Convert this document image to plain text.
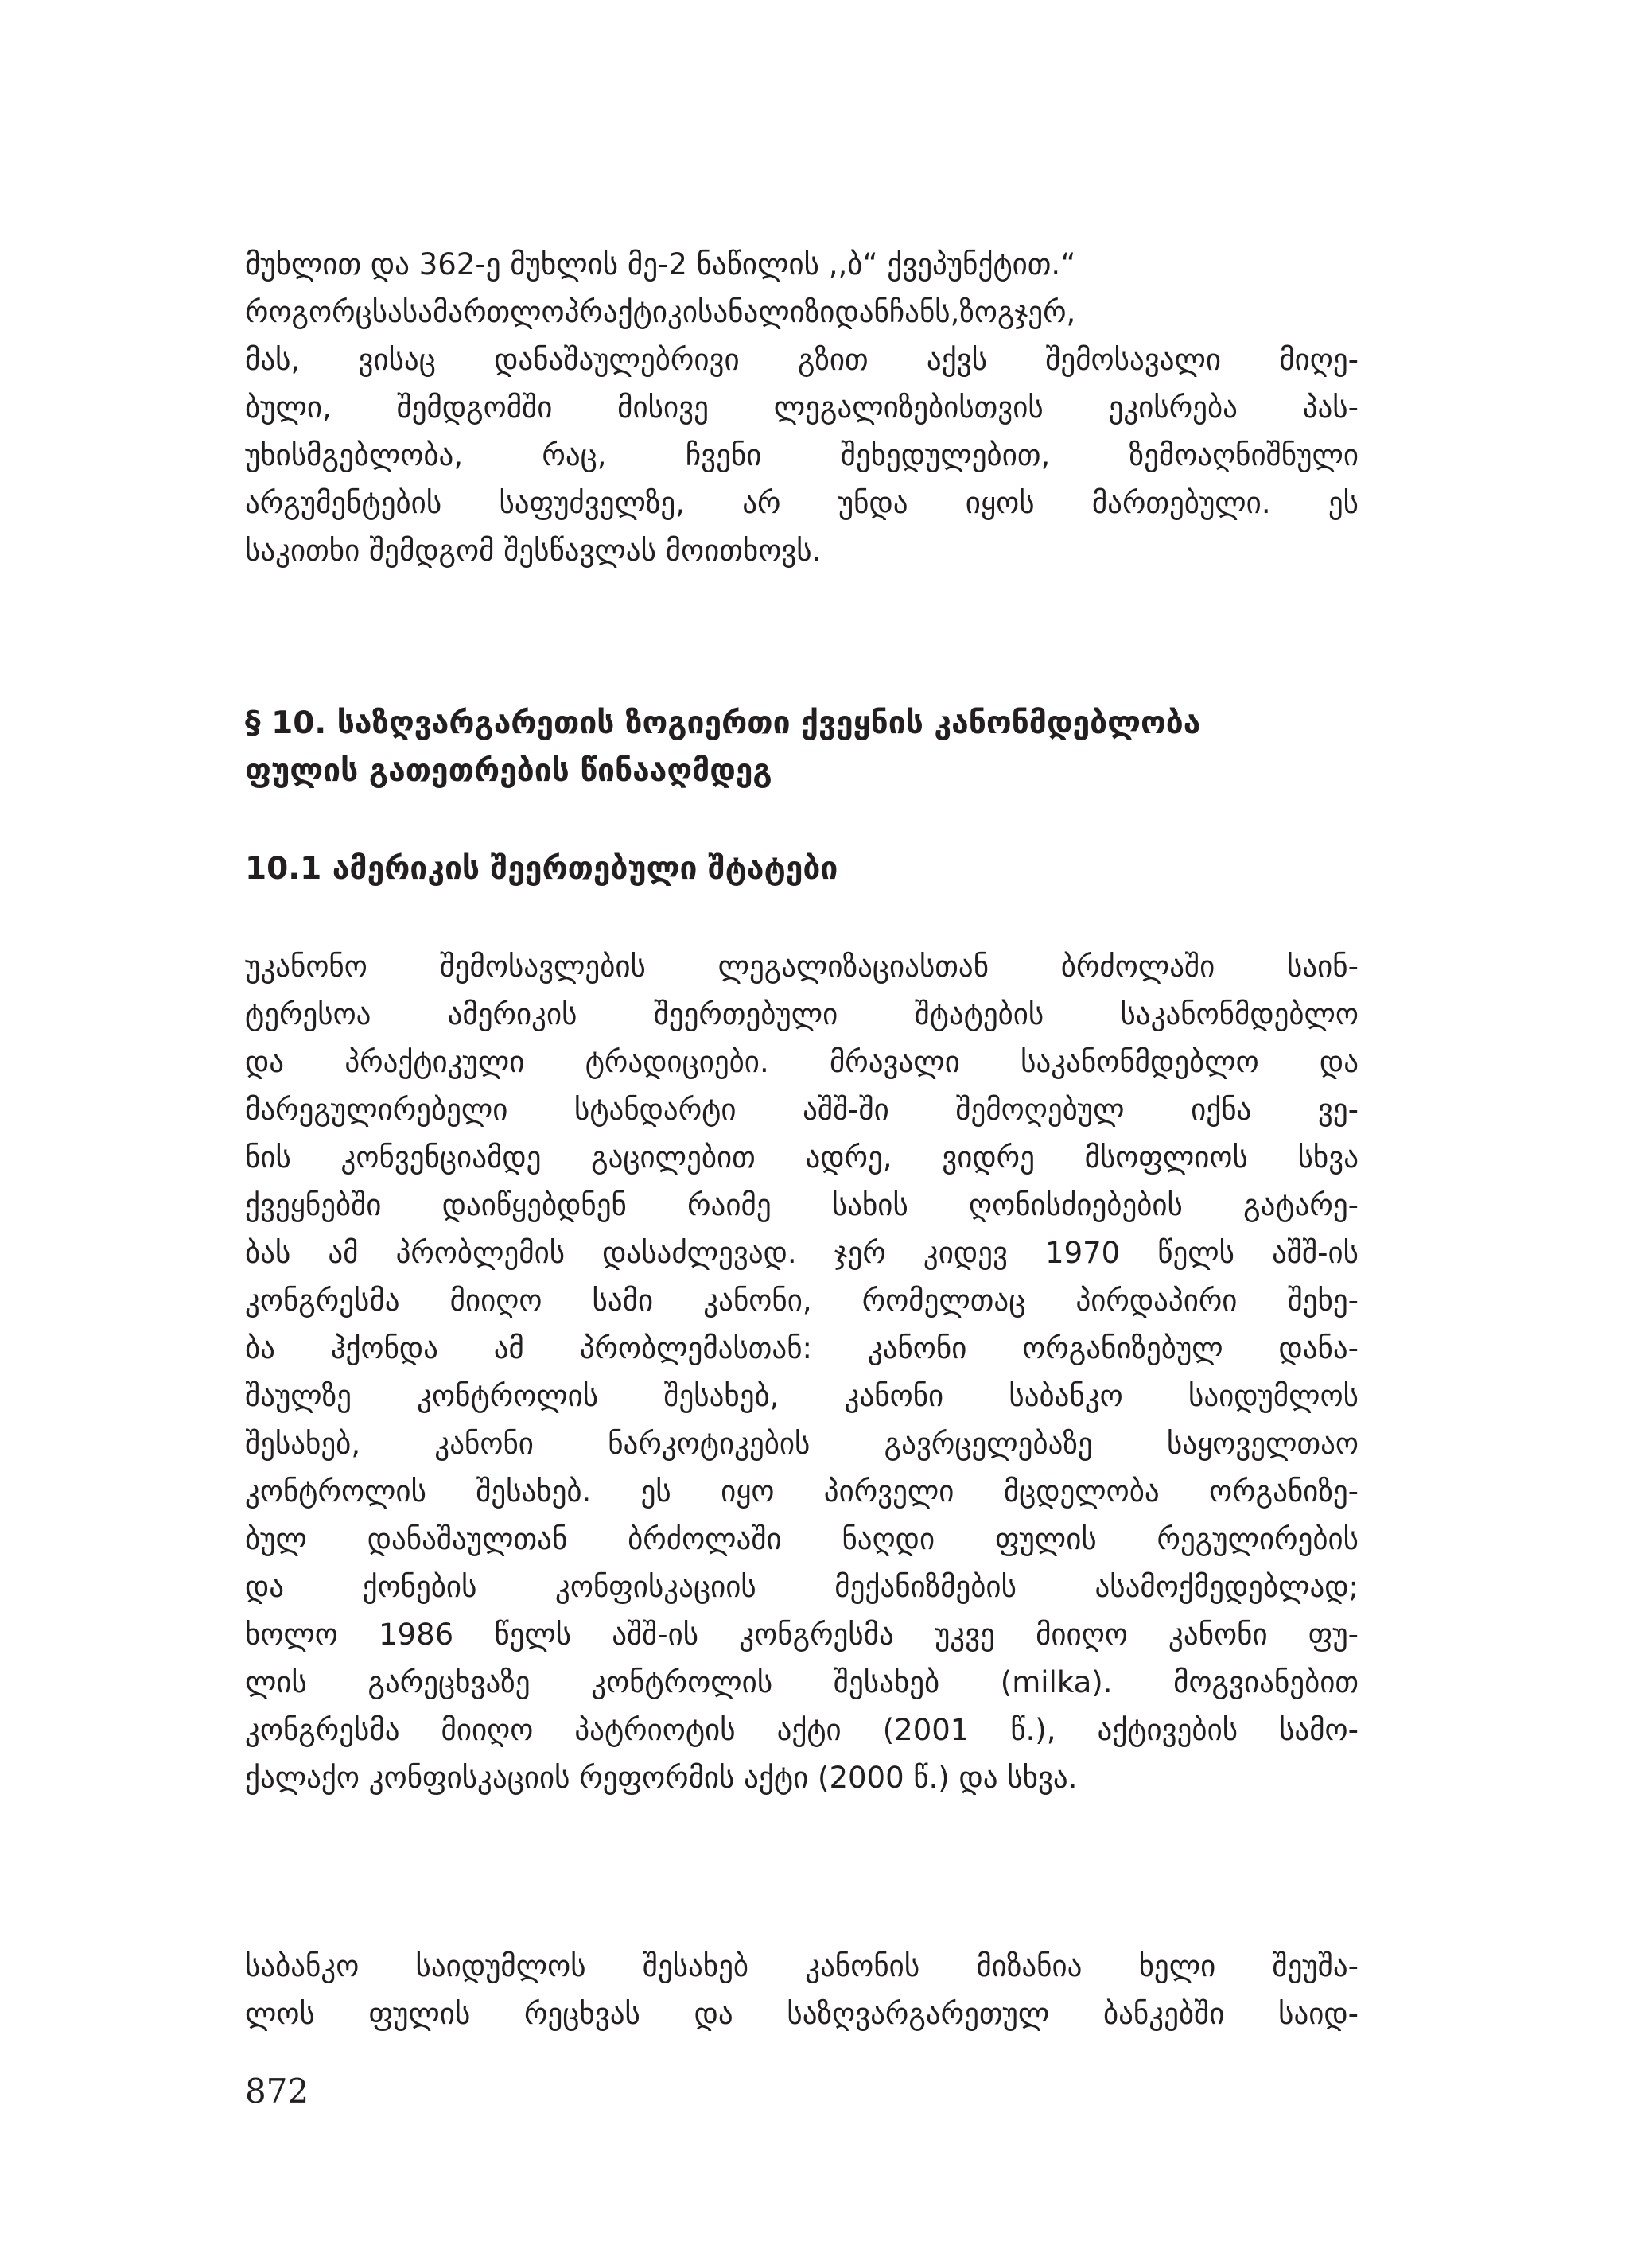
მუხლით და 362-ე მუხლის მე-2 ნაწილის ,,ბ“ ქვეპუნქტით.“
როგორცსასამართლოპრაქტიკისანალიზიდანჩანს,ზოგჯერ,
მას, ვისაც დანაშაულებრივი გზით აქვს შემოსავალი მიღე-
ბული, შემდგომში მისივე ლეგალიზებისთვის ეკისრება პას-
უხისმგებლობა, რაც, ჩვენი შეხედულებით, ზემოაღნიშნული
არგუმენტების საფუძველზე, არ უნდა იყოს მართებული. ეს
საკითხი შემდგომ შესწავლას მოითხოვს.
§ 10. საზღვარგარეთის ზოგიერთი ქვეყნის კანონმდებლობა
ფულის გათეთრების წინააღმდეგ
10.1 ამერიკის შეერთებული შტატები
უკანონო შემოსავლების ლეგალიზაციასთან ბრძოლაში საინ-
ტერესოა ამერიკის შეერთებული შტატების საკანონმდებლო
და პრაქტიკული ტრადიციები. მრავალი საკანონმდებლო და
მარეგულირებელი სტანდარტი აშშ-ში შემოღებულ იქნა ვე-
ნის კონვენციამდე გაცილებით ადრე, ვიდრე მსოფლიოს სხვა
ქვეყნებში დაიწყებდნენ რაიმე სახის ღონისძიებების გატარე-
ბას ამ პრობლემის დასაძლევად. ჯერ კიდევ 1970 წელს აშშ-ის
კონგრესმა მიიღო სამი კანონი, რომელთაც პირდაპირი შეხე-
ბა ჰქონდა ამ პრობლემასთან: კანონი ორგანიზებულ დანა-
შაულზე კონტროლის შესახებ, კანონი საბანკო საიდუმლოს
შესახებ, კანონი ნარკოტიკების გავრცელებაზე საყოველთაო
კონტროლის შესახებ. ეს იყო პირველი მცდელობა ორგანიზე-
ბულ დანაშაულთან ბრძოლაში ნაღდი ფულის რეგულირების
და ქონების კონფისკაციის მექანიზმების ასამოქმედებლად;
ხოლო 1986 წელს აშშ-ის კონგრესმა უკვე მიიღო კანონი ფუ-
ლის გარეცხვაზე კონტროლის შესახებ (milka). მოგვიანებით
კონგრესმა მიიღო პატრიოტის აქტი (2001 წ.), აქტივების სამო-
ქალაქო კონფისკაციის რეფორმის აქტი (2000 წ.) და სხვა.
საბანკო საიდუმლოს შესახებ კანონის მიზანია ხელი შეუშა-
ლოს ფულის რეცხვას და საზღვარგარეთულ ბანკებში საიდ-
872
